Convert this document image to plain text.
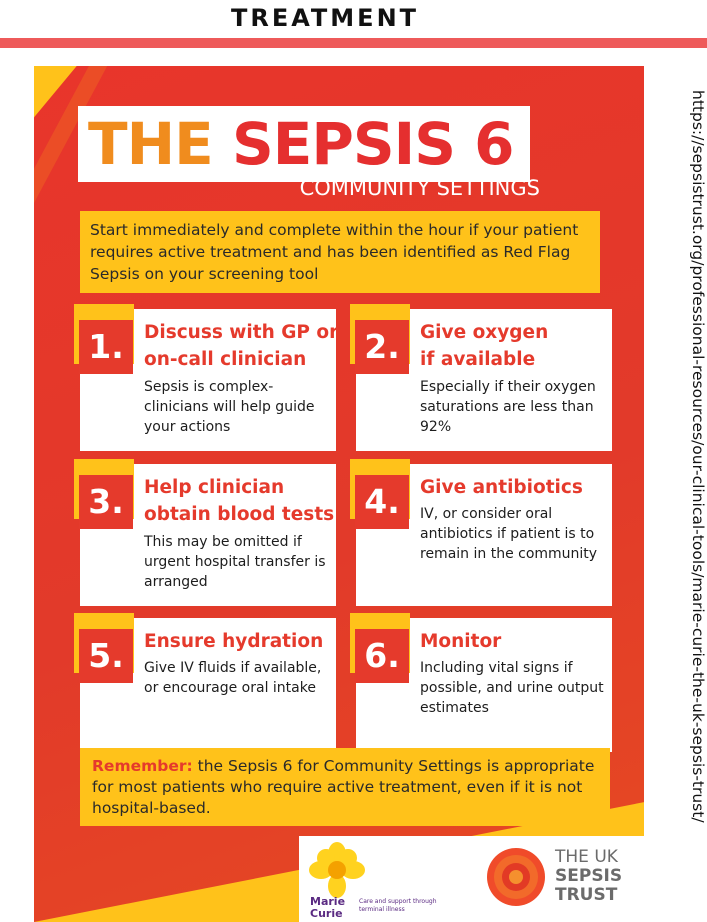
TREATMENT
THE SEPSIS 6
COMMUNITY SETTINGS
Start immediately and complete within the hour if your patient requires active treatment and has been identified as Red Flag Sepsis on your screening tool
1.	Discuss with GP or
on-call clinician
Sepsis is complex- clinicians will help guide your actions
2.	Give oxygen
if available
Especially if their oxygen saturations are less than 92%
3.	Help clinician
obtain blood tests
This may be omitted if urgent hospital transfer is arranged
4.	Give antibiotics
IV, or consider oral antibiotics if patient is to remain in the community
5.	Ensure hydration
Give IV fluids if available, or encourage oral intake
6.	Monitor
Including vital signs if possible, and urine output estimates
Remember: the Sepsis 6 for Community Settings is appropriate for most patients who require active treatment, even if it is not hospital-based.
Marie
Curie
Care and support through terminal illness
THE UK
SEPSIS
TRUST
https://sepsistrust.org/professional-resources/our-clinical-tools/marie-curie-the-uk-sepsis-trust/
